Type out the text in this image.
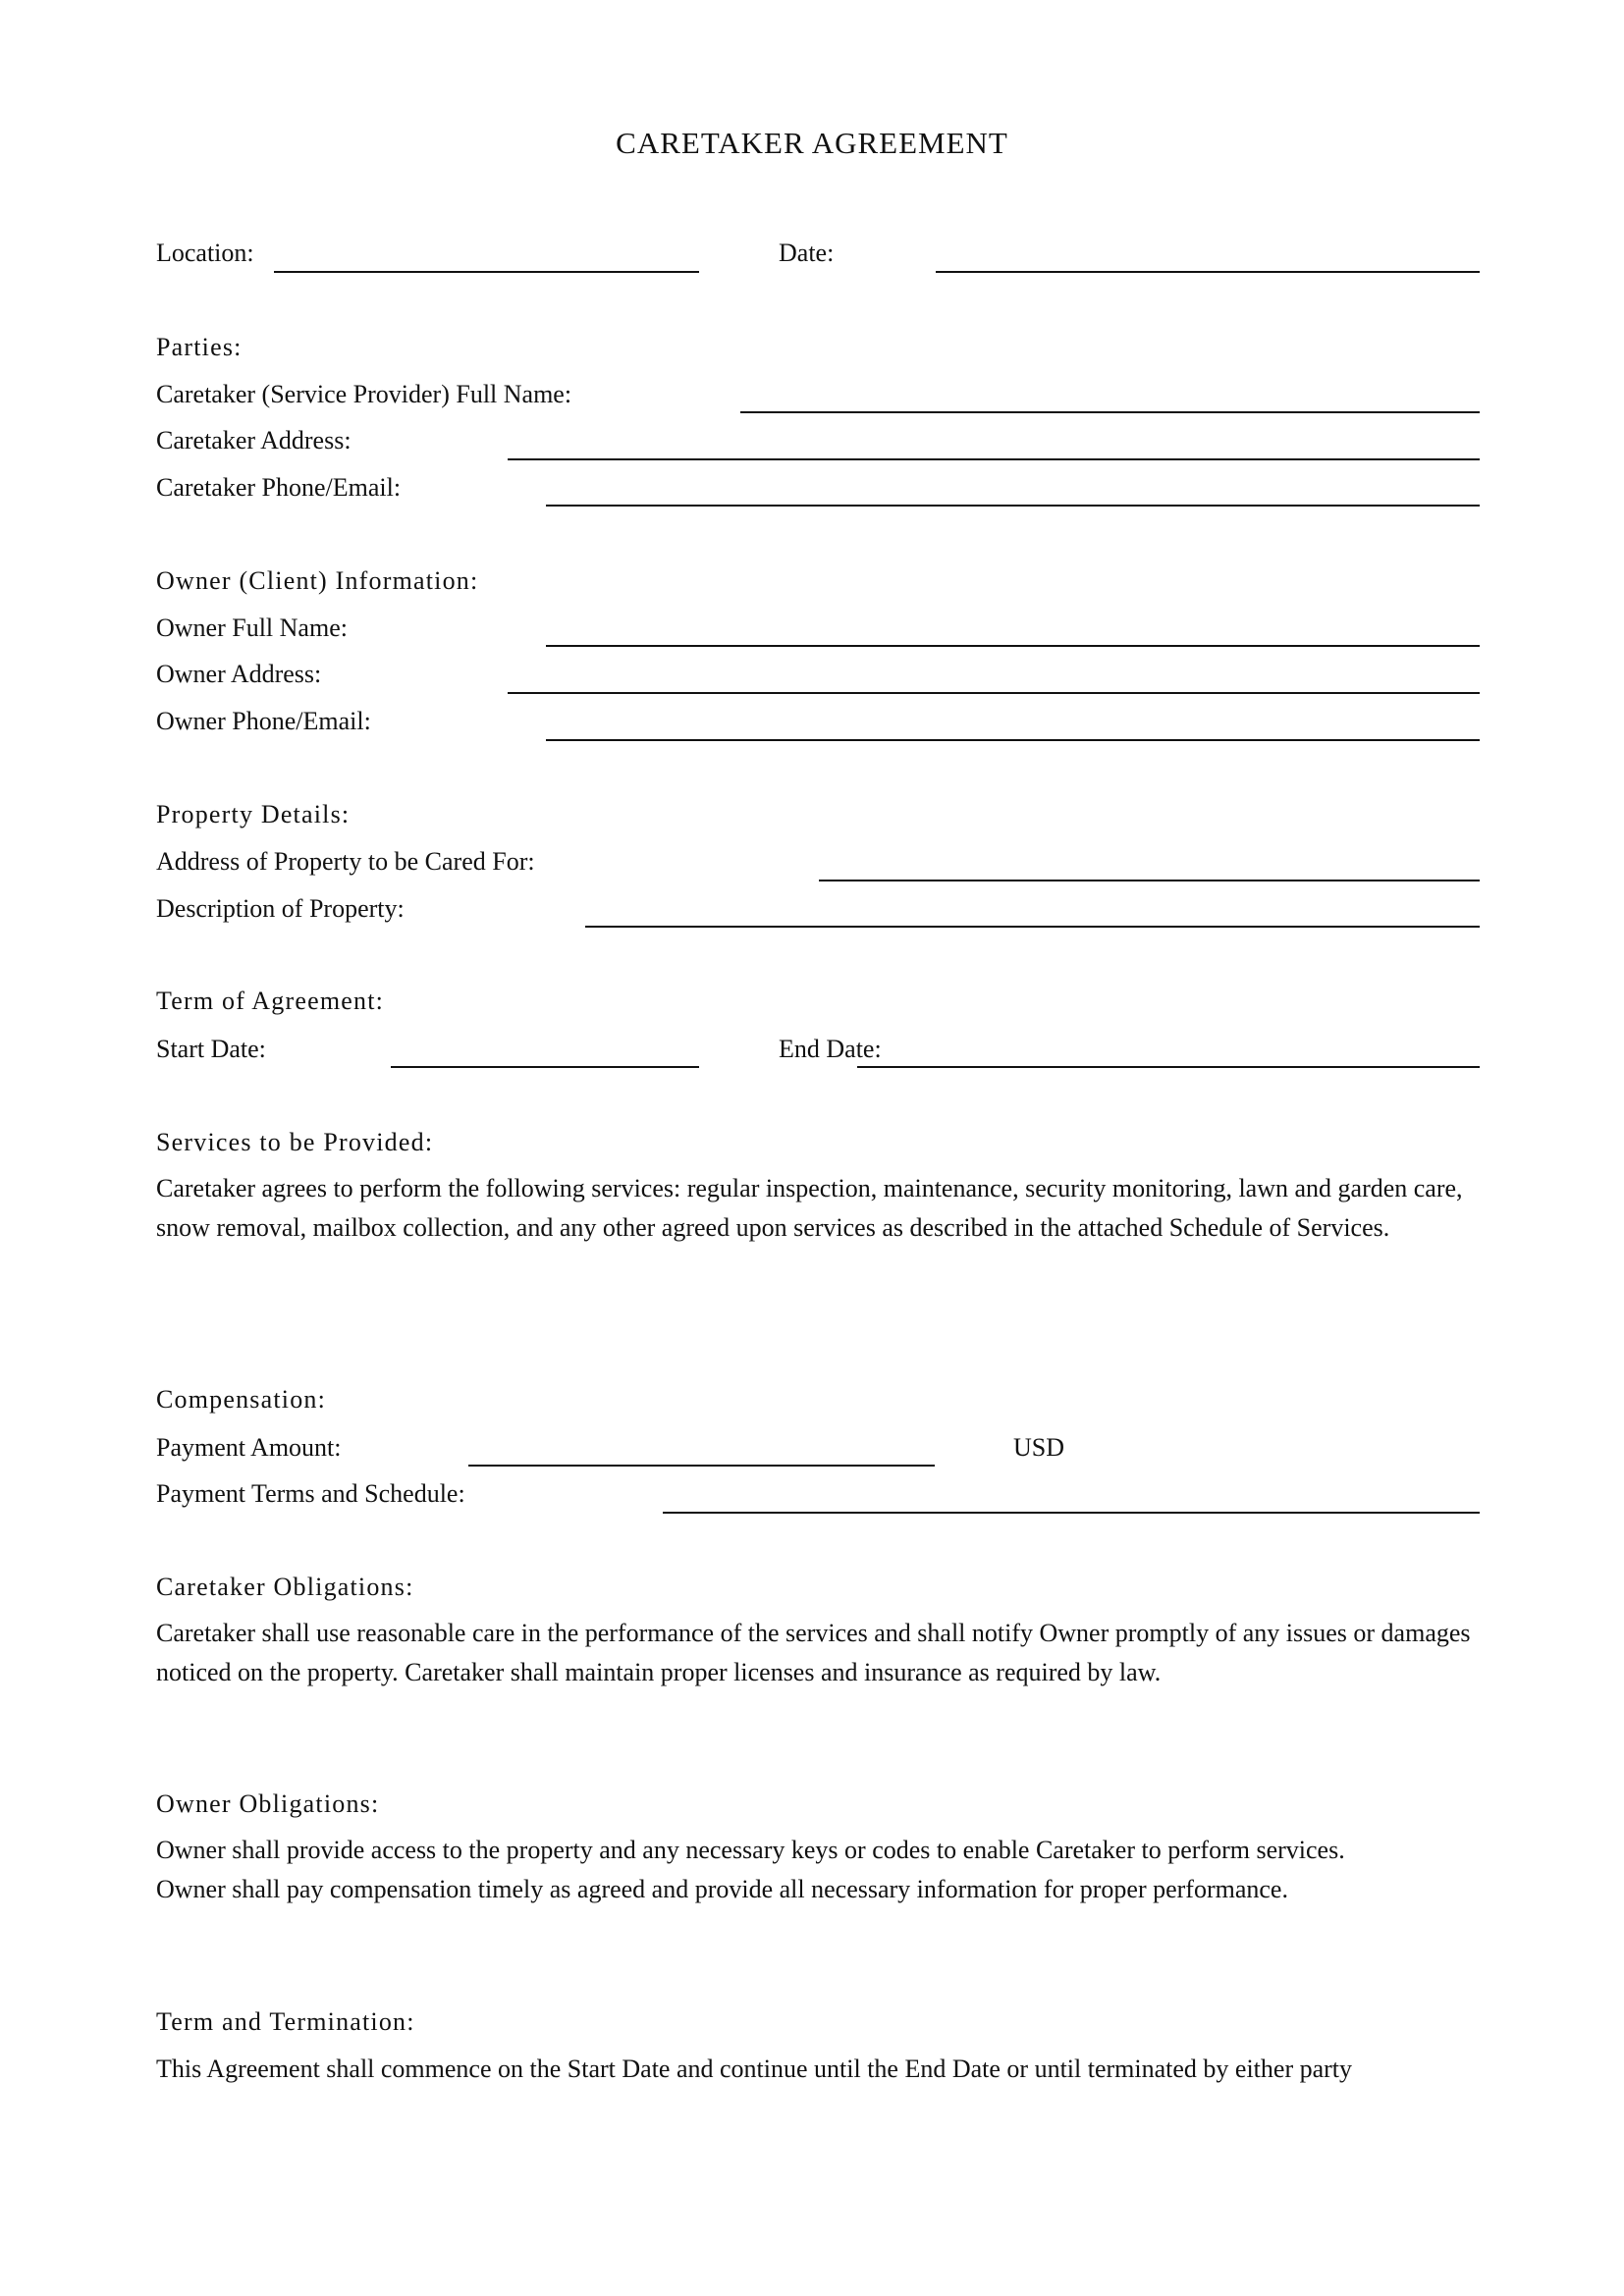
CARETAKER AGREEMENT
Location:	Date:
Parties:
Caretaker (Service Provider) Full Name:
Caretaker Address:
Caretaker Phone/Email:
Owner (Client) Information:
Owner Full Name:
Owner Address:
Owner Phone/Email:
Property Details:
Address of Property to be Cared For:
Description of Property:
Term of Agreement:
Start Date:	End Date:
Services to be Provided:
Caretaker agrees to perform the following services: regular inspection, maintenance, security monitoring, lawn and garden care, snow removal, mailbox collection, and any other agreed upon services as described in the attached Schedule of Services.
Compensation:
Payment Amount:	USD
Payment Terms and Schedule:
Caretaker Obligations:
Caretaker shall use reasonable care in the performance of the services and shall notify Owner promptly of any issues or damages noticed on the property. Caretaker shall maintain proper licenses and insurance as required by law.
Owner Obligations:
Owner shall provide access to the property and any necessary keys or codes to enable Caretaker to perform services.
Owner shall pay compensation timely as agreed and provide all necessary information for proper performance.
Term and Termination:
This Agreement shall commence on the Start Date and continue until the End Date or until terminated by either party
